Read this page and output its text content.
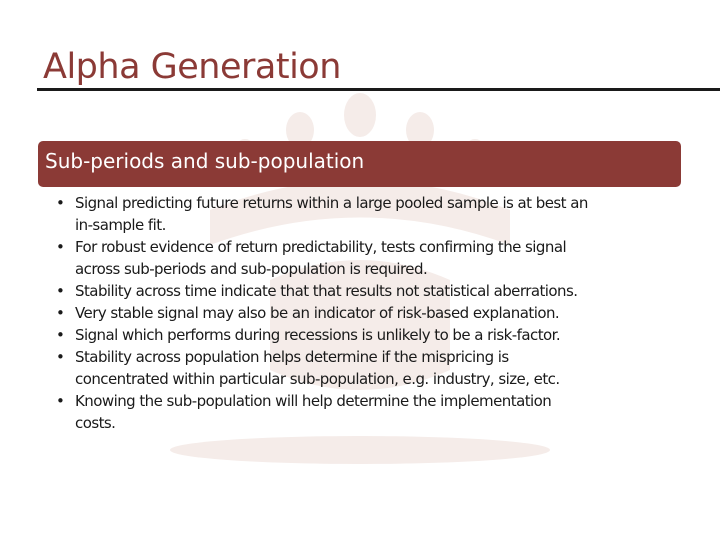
Alpha Generation
Sub-periods and sub-population
• Signal predicting future returns within a large pooled sample is at best an
in-sample fit.
• For robust evidence of return predictability, tests confirming the signal
across sub-periods and sub-population is required.
• Stability across time indicate that that results not statistical aberrations.
• Very stable signal may also be an indicator of risk-based explanation.
• Signal which performs during recessions is unlikely to be a risk-factor.
• Stability across population helps determine if the mispricing is
concentrated within particular sub-population, e.g. industry, size, etc.
• Knowing the sub-population will help determine the implementation
costs.
